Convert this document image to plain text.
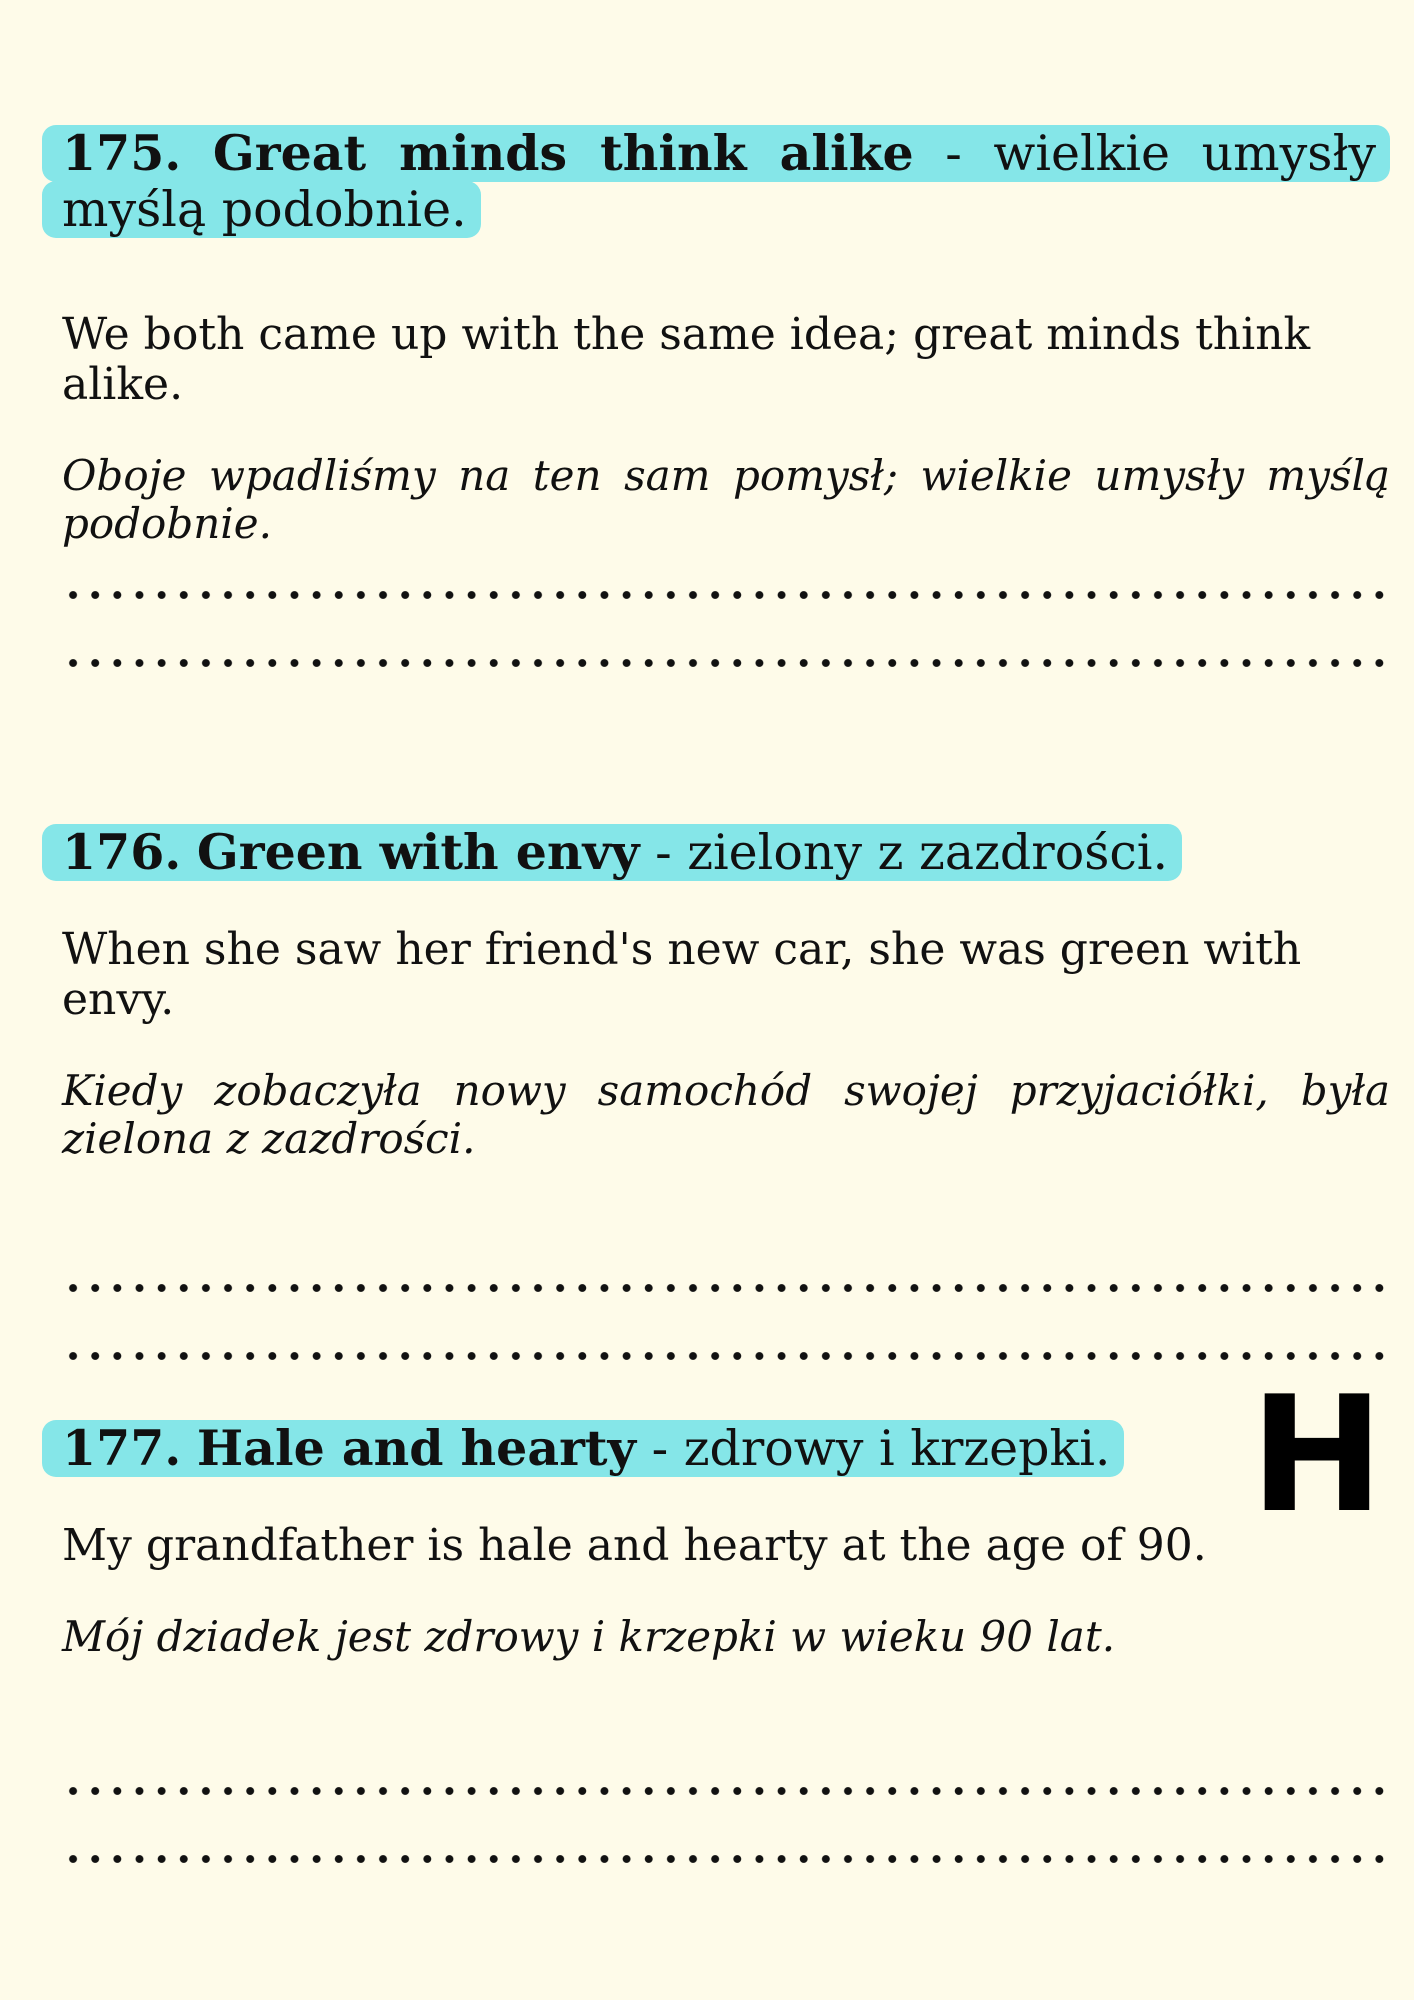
175. Great minds think alike - wielkie umysły myślą podobnie.

We both came up with the same idea; great minds think alike.

Oboje wpadliśmy na ten sam pomysł; wielkie umysły myślą podobnie.

176. Green with envy - zielony z zazdrości.

When she saw her friend's new car, she was green with envy.

Kiedy zobaczyła nowy samochód swojej przyjaciółki, była zielona z zazdrości.

177. Hale and hearty - zdrowy i krzepki.

My grandfather is hale and hearty at the age of 90.

Mój dziadek jest zdrowy i krzepki w wieku 90 lat.

H
